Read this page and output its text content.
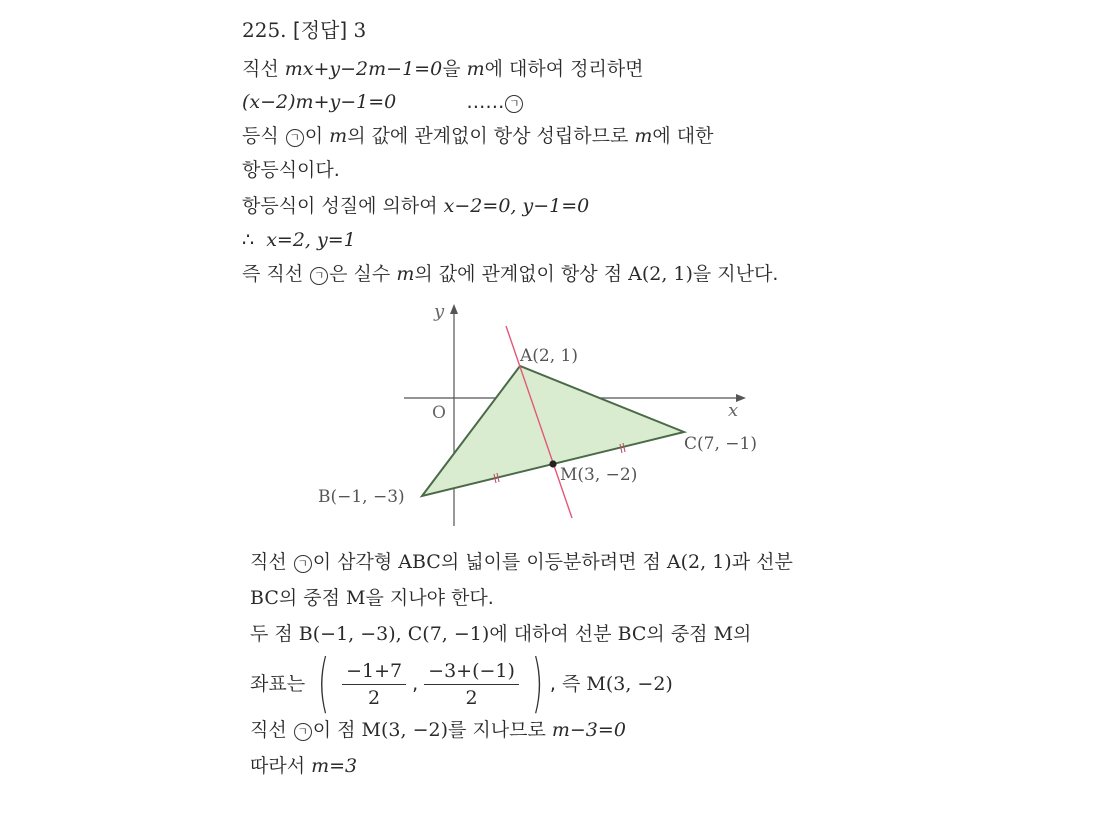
225. [정답] 3
직선 mx+y−2m−1=0을 m에 대하여 정리하면
(x−2)m+y−1=0	…… ㄱ
등식 ㄱ 이 m의 값에 관계없이 항상 성립하므로 m에 대한
항등식이다.
항등식이 성질에 의하여 x−2=0, y−1=0
∴ x=2, y=1
즉 직선 ㄱ 은 실수 m의 값에 관계없이 항상 점 A(2, 1)을 지난다.
y
x
O
A(2, 1)
C(7, −1)
M(3, −2)
B(−1, −3)
직선 ㄱ 이 삼각형 ABC의 넓이를 이등분하려면 점 A(2, 1)과 선분
BC의 중점 M을 지나야 한다.
두 점 B(−1, −3), C(7, −1)에 대하여 선분 BC의 중점 M의
좌표는 ( $\frac{-1+7}{2}$ , $\frac{-3+(-1)}{2}$ ) , 즉 M(3, −2)
직선 ㄱ 이 점 M(3, −2)를 지나므로 m−3=0
따라서 m=3
